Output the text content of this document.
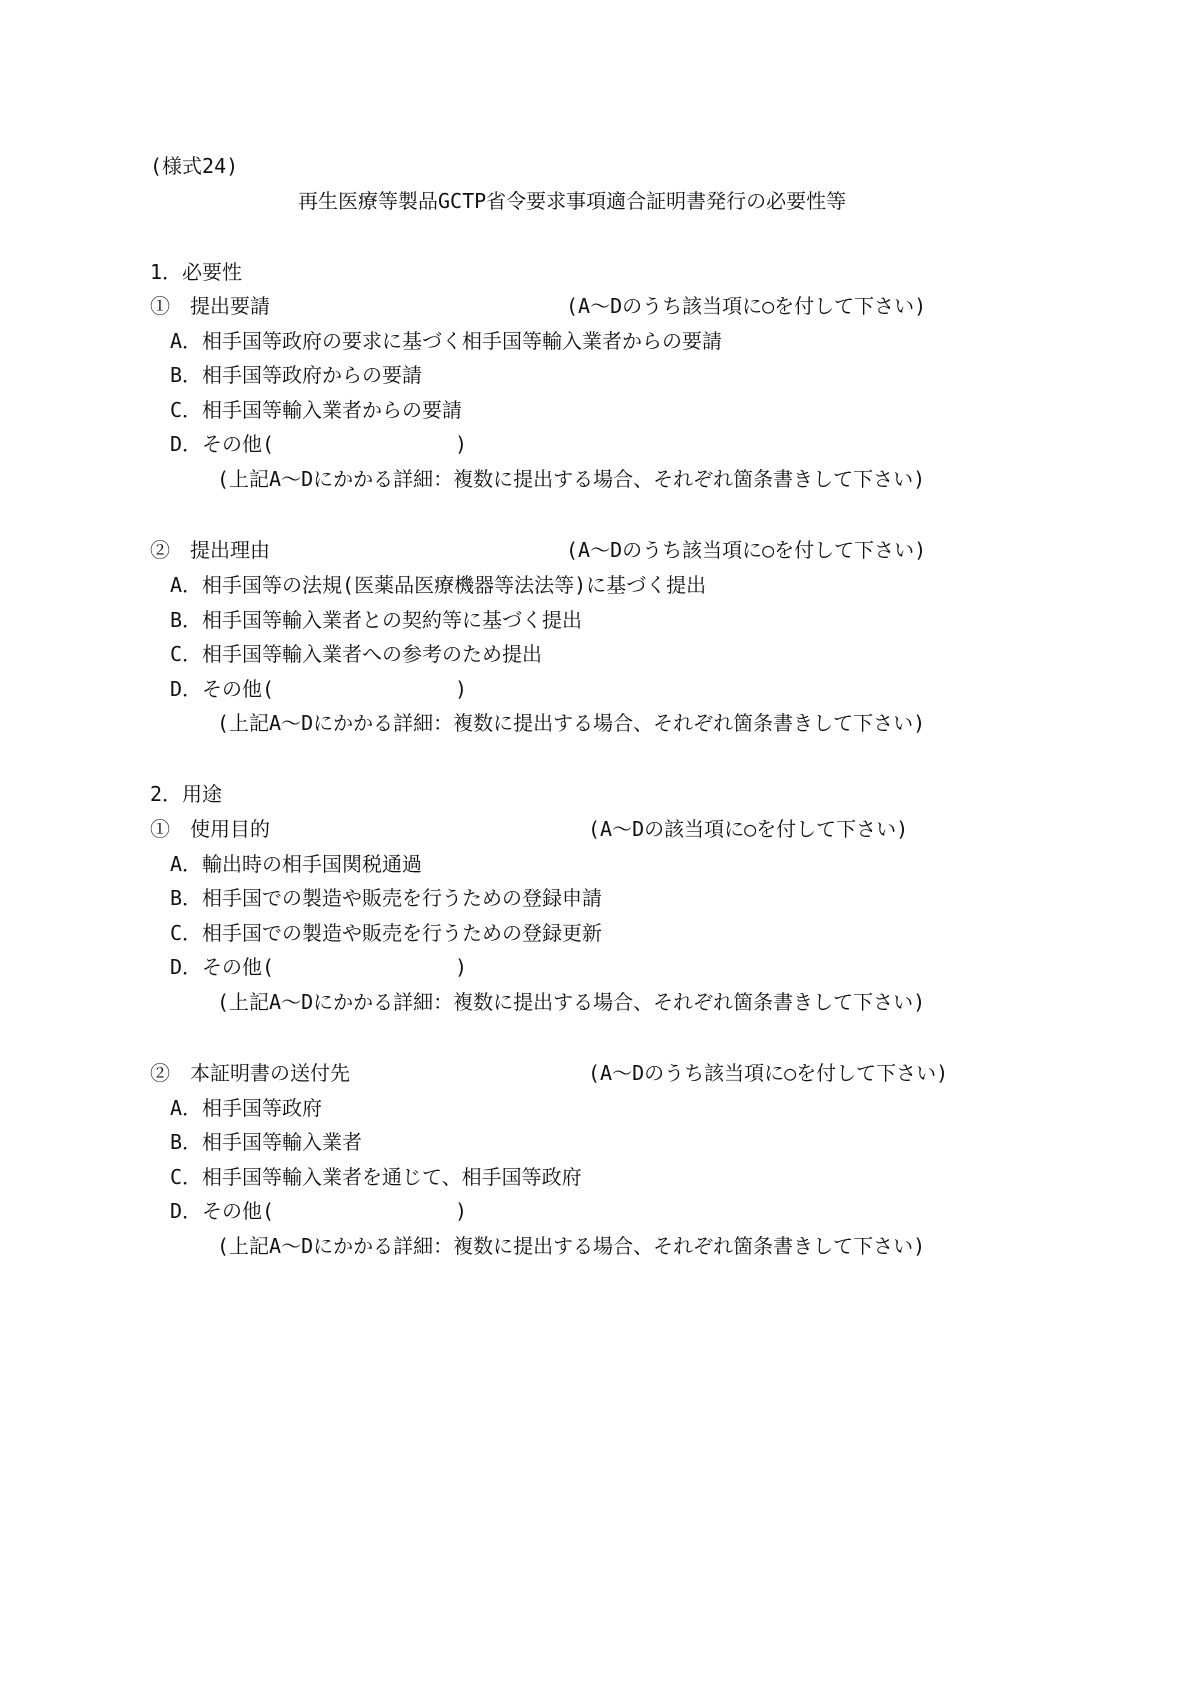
(様式24)
再生医療等製品GCTP省令要求事項適合証明書発行の必要性等
1．必要性
①　提出要請	(A～Dのうち該当項に○を付して下さい)
A．相手国等政府の要求に基づく相手国等輸入業者からの要請
B．相手国等政府からの要請
C．相手国等輸入業者からの要請
D．その他(	)
(上記A～Dにかかる詳細：複数に提出する場合、それぞれ箇条書きして下さい)
②　提出理由	(A～Dのうち該当項に○を付して下さい)
A．相手国等の法規(医薬品医療機器等法法等)に基づく提出
B．相手国等輸入業者との契約等に基づく提出
C．相手国等輸入業者への参考のため提出
D．その他(	)
(上記A～Dにかかる詳細：複数に提出する場合、それぞれ箇条書きして下さい)
2．用途
①　使用目的	(A～Dの該当項に○を付して下さい)
A．輸出時の相手国関税通過
B．相手国での製造や販売を行うための登録申請
C．相手国での製造や販売を行うための登録更新
D．その他(	)
(上記A～Dにかかる詳細：複数に提出する場合、それぞれ箇条書きして下さい)
②　本証明書の送付先	(A～Dのうち該当項に○を付して下さい)
A．相手国等政府
B．相手国等輸入業者
C．相手国等輸入業者を通じて、相手国等政府
D．その他(	)
(上記A～Dにかかる詳細：複数に提出する場合、それぞれ箇条書きして下さい)
